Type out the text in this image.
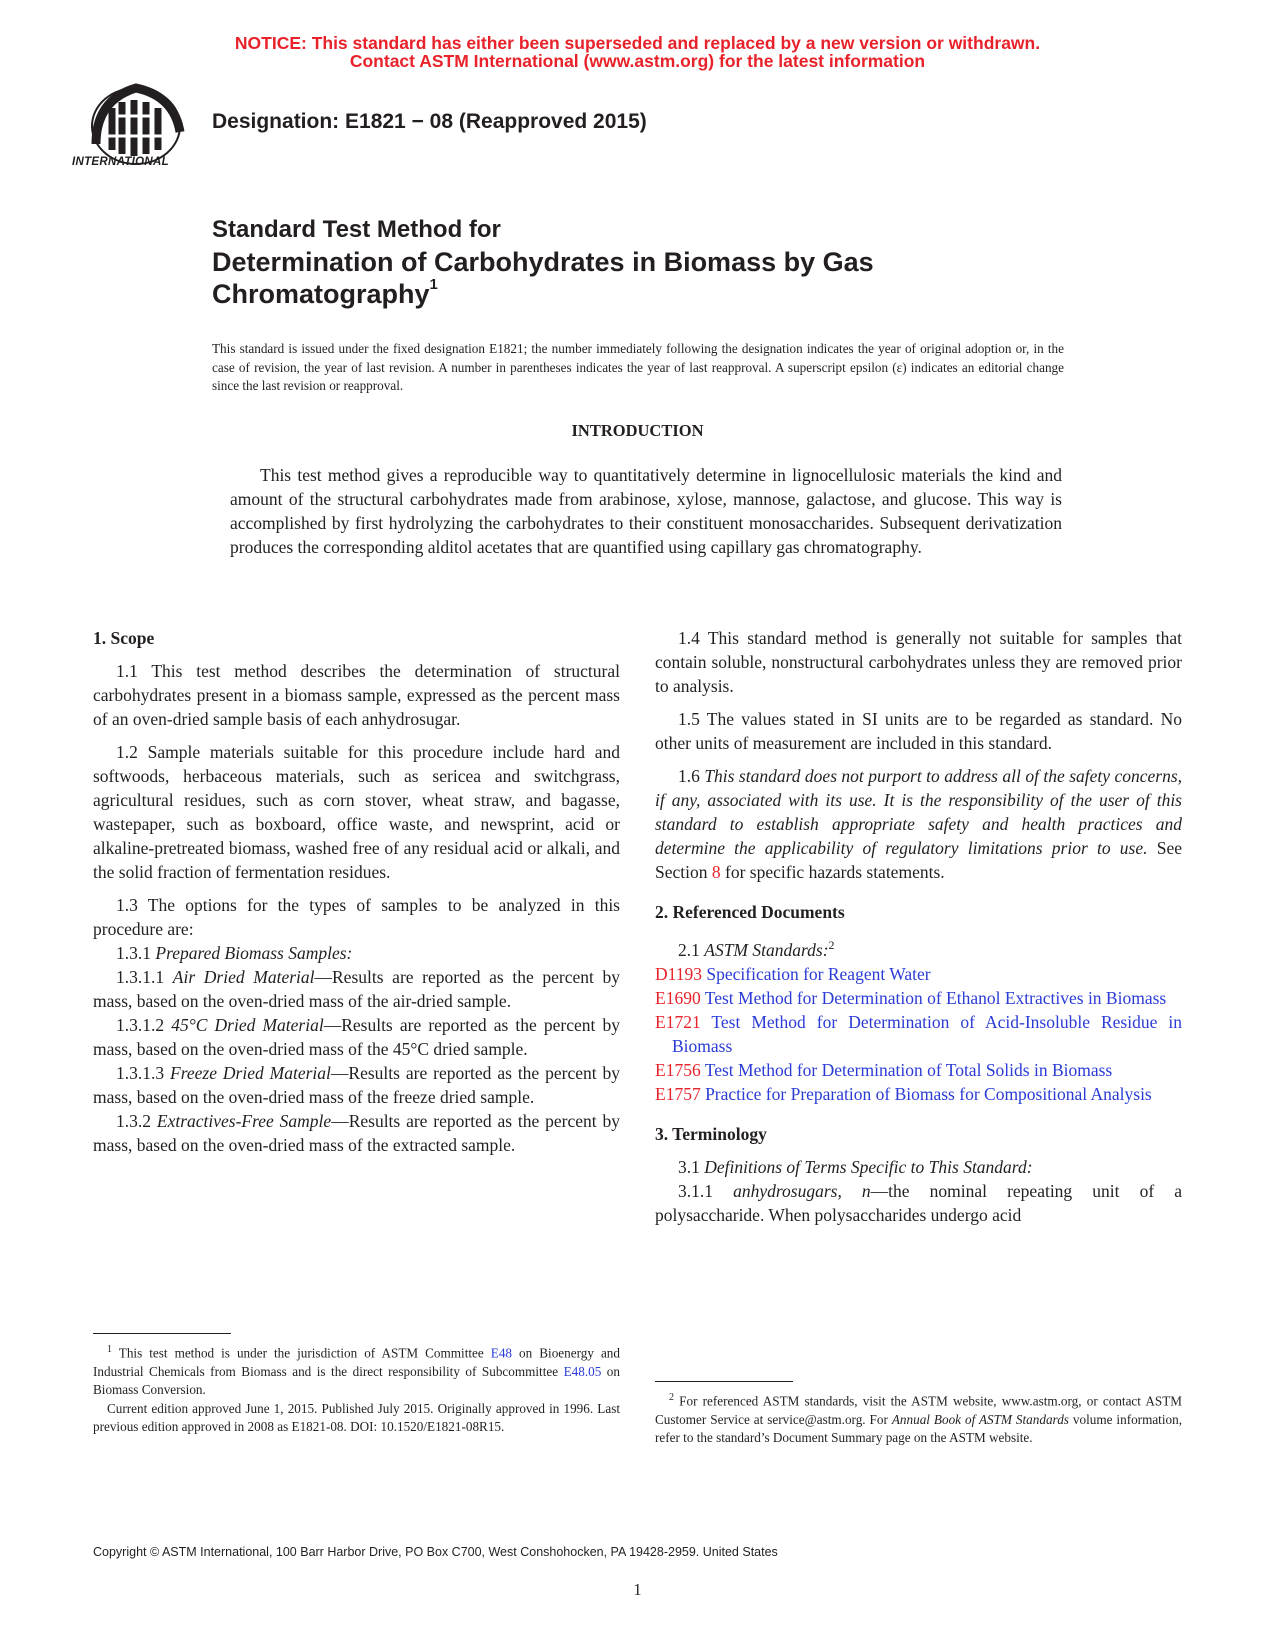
NOTICE: This standard has either been superseded and replaced by a new version or withdrawn.
Contact ASTM International (www.astm.org) for the latest information
INTERNATIONAL
Designation: E1821 − 08 (Reapproved 2015)
Standard Test Method for
Determination of Carbohydrates in Biomass by Gas Chromatography$^1$
This standard is issued under the fixed designation E1821; the number immediately following the designation indicates the year of original adoption or, in the case of revision, the year of last revision. A number in parentheses indicates the year of last reapproval. A superscript epsilon (ε) indicates an editorial change since the last revision or reapproval.
INTRODUCTION
This test method gives a reproducible way to quantitatively determine in lignocellulosic materials the kind and amount of the structural carbohydrates made from arabinose, xylose, mannose, galactose, and glucose. This way is accomplished by first hydrolyzing the carbohydrates to their constituent monosaccharides. Subsequent derivatization produces the corresponding alditol acetates that are quantified using capillary gas chromatography.
1. Scope

1.1 This test method describes the determination of structural carbohydrates present in a biomass sample, expressed as the percent mass of an oven-dried sample basis of each anhydrosugar.

1.2 Sample materials suitable for this procedure include hard and softwoods, herbaceous materials, such as sericea and switchgrass, agricultural residues, such as corn stover, wheat straw, and bagasse, wastepaper, such as boxboard, office waste, and newsprint, acid or alkaline-pretreated biomass, washed free of any residual acid or alkali, and the solid fraction of fermentation residues.

1.3 The options for the types of samples to be analyzed in this procedure are:

1.3.1 Prepared Biomass Samples:

1.3.1.1 Air Dried Material—Results are reported as the percent by mass, based on the oven-dried mass of the air-dried sample.

1.3.1.2 45°C Dried Material—Results are reported as the percent by mass, based on the oven-dried mass of the 45°C dried sample.

1.3.1.3 Freeze Dried Material—Results are reported as the percent by mass, based on the oven-dried mass of the freeze dried sample.

1.3.2 Extractives-Free Sample—Results are reported as the percent by mass, based on the oven-dried mass of the extracted sample.

$^1$ This test method is under the jurisdiction of ASTM Committee E48 on Bioenergy and Industrial Chemicals from Biomass and is the direct responsibility of Subcommittee E48.05 on Biomass Conversion.

Current edition approved June 1, 2015. Published July 2015. Originally approved in 1996. Last previous edition approved in 2008 as E1821-08. DOI: 10.1520/E1821-08R15.

1.4 This standard method is generally not suitable for samples that contain soluble, nonstructural carbohydrates unless they are removed prior to analysis.

1.5 The values stated in SI units are to be regarded as standard. No other units of measurement are included in this standard.

1.6 This standard does not purport to address all of the safety concerns, if any, associated with its use. It is the responsibility of the user of this standard to establish appropriate safety and health practices and determine the applicability of regulatory limitations prior to use. See Section 8 for specific hazards statements.

2. Referenced Documents

2.1 ASTM Standards:$^2$

D1193 Specification for Reagent Water
E1690 Test Method for Determination of Ethanol Extractives in Biomass
E1721 Test Method for Determination of Acid-Insoluble Residue in Biomass
E1756 Test Method for Determination of Total Solids in Biomass
E1757 Practice for Preparation of Biomass for Compositional Analysis
3. Terminology

3.1 Definitions of Terms Specific to This Standard:

3.1.1 anhydrosugars, n—the nominal repeating unit of a polysaccharide. When polysaccharides undergo acid

$^2$ For referenced ASTM standards, visit the ASTM website, www.astm.org, or contact ASTM Customer Service at service@astm.org. For Annual Book of ASTM Standards volume information, refer to the standard’s Document Summary page on the ASTM website.

Copyright © ASTM International, 100 Barr Harbor Drive, PO Box C700, West Conshohocken, PA 19428-2959. United States
1
